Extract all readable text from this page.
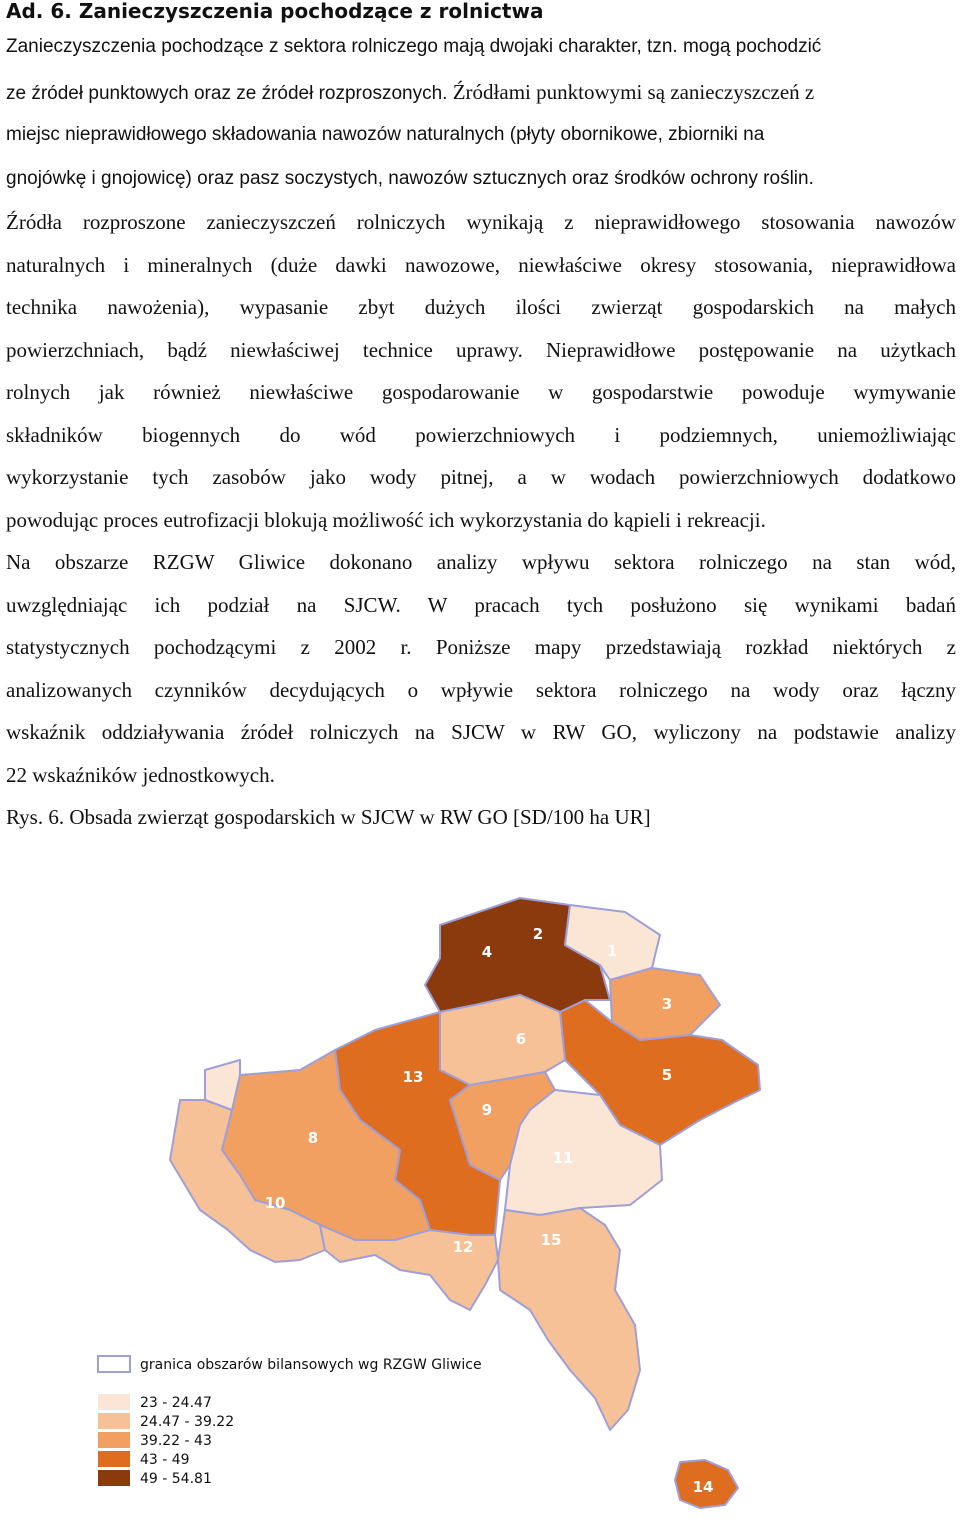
Ad. 6. Zanieczyszczenia pochodzące z rolnictwa
Zanieczyszczenia pochodzące z sektora rolniczego mają dwojaki charakter, tzn. mogą pochodzić
ze źródeł punktowych oraz ze źródeł rozproszonych. Źródłami punktowymi są zanieczyszczeń z
miejsc nieprawidłowego składowania nawozów naturalnych (płyty obornikowe, zbiorniki na
gnojówkę i gnojowicę) oraz pasz soczystych, nawozów sztucznych oraz środków ochrony roślin.
Źródła rozproszone zanieczyszczeń rolniczych wynikają z nieprawidłowego stosowania nawozów
naturalnych i mineralnych (duże dawki nawozowe, niewłaściwe okresy stosowania, nieprawidłowa
technika nawożenia), wypasanie zbyt dużych ilości zwierząt gospodarskich na małych
powierzchniach, bądź niewłaściwej technice uprawy. Nieprawidłowe postępowanie na użytkach
rolnych jak również niewłaściwe gospodarowanie w gospodarstwie powoduje wymywanie
składników biogennych do wód powierzchniowych i podziemnych, uniemożliwiając
wykorzystanie tych zasobów jako wody pitnej, a w wodach powierzchniowych dodatkowo
powodując proces eutrofizacji blokują możliwość ich wykorzystania do kąpieli i rekreacji.
Na obszarze RZGW Gliwice dokonano analizy wpływu sektora rolniczego na stan wód,
uwzględniając ich podział na SJCW. W pracach tych posłużono się wynikami badań
statystycznych pochodzącymi z 2002 r. Poniższe mapy przedstawiają rozkład niektórych z
analizowanych czynników decydujących o wpływie sektora rolniczego na wody oraz łączny
wskaźnik oddziaływania źródeł rolniczych na SJCW w RW GO, wyliczony na podstawie analizy
22 wskaźników jednostkowych.
Rys. 6. Obsada zwierząt gospodarskich w SJCW w RW GO [SD/100 ha UR]
1
2
3
4
5
6
8
9
10
11
12
13
14
15
granica obszarów bilansowych wg RZGW Gliwice
23 - 24.47
24.47 - 39.22
39.22 - 43
43 - 49
49 - 54.81
